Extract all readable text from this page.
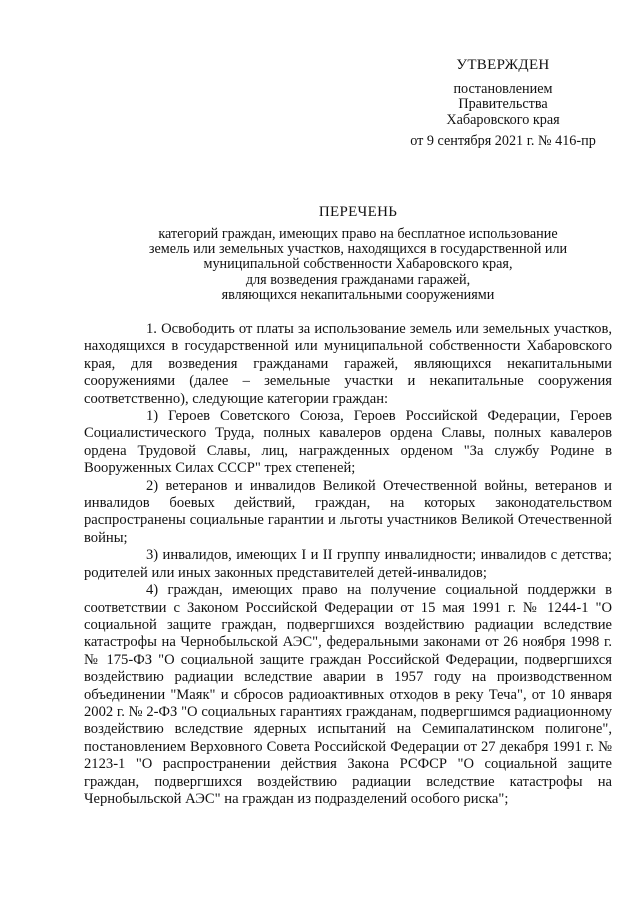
УТВЕРЖДЕН
постановлением
Правительства
Хабаровского края
от 9 сентября 2021 г. № 416-пр
ПЕРЕЧЕНЬ
категорий граждан, имеющих право на бесплатное использование
земель или земельных участков, находящихся в государственной или
муниципальной собственности Хабаровского края,
для возведения гражданами гаражей,
являющихся некапитальными сооружениями

1. Освободить от платы за использование земель или земельных участков, находящихся в государственной или муниципальной собственности Хабаровского края, для возведения гражданами гаражей, являющихся некапитальными сооружениями (далее – земельные участки и некапитальные сооружения соответственно), следующие категории граждан:

1) Героев Советского Союза, Героев Российской Федерации, Героев Социалистического Труда, полных кавалеров ордена Славы, полных кавалеров ордена Трудовой Славы, лиц, награжденных орденом "За службу Родине в Вооруженных Силах СССР" трех степеней;

2) ветеранов и инвалидов Великой Отечественной войны, ветеранов и инвалидов боевых действий, граждан, на которых законодательством распространены социальные гарантии и льготы участников Великой Отечественной войны;

3) инвалидов, имеющих I и II группу инвалидности; инвалидов с детства; родителей или иных законных представителей детей-инвалидов;

4) граждан, имеющих право на получение социальной поддержки в соответствии с Законом Российской Федерации от 15 мая 1991 г. № 1244-1 "О социальной защите граждан, подвергшихся воздействию радиации вследствие катастрофы на Чернобыльской АЭС", федеральными законами от 26 ноября 1998 г. № 175-ФЗ "О социальной защите граждан Российской Федерации, подвергшихся воздействию радиации вследствие аварии в 1957 году на производственном объединении "Маяк" и сбросов радиоактивных отходов в реку Теча", от 10 января 2002 г. № 2-ФЗ "О социальных гарантиях гражданам, подвергшимся радиационному воздействию вследствие ядерных испытаний на Семипалатинском полигоне", постановлением Верховного Совета Российской Федерации от 27 декабря 1991 г. № 2123-1 "О распространении действия Закона РСФСР "О социальной защите граждан, подвергшихся воздействию радиации вследствие катастрофы на Чернобыльской АЭС" на граждан из подразделений особого риска";
